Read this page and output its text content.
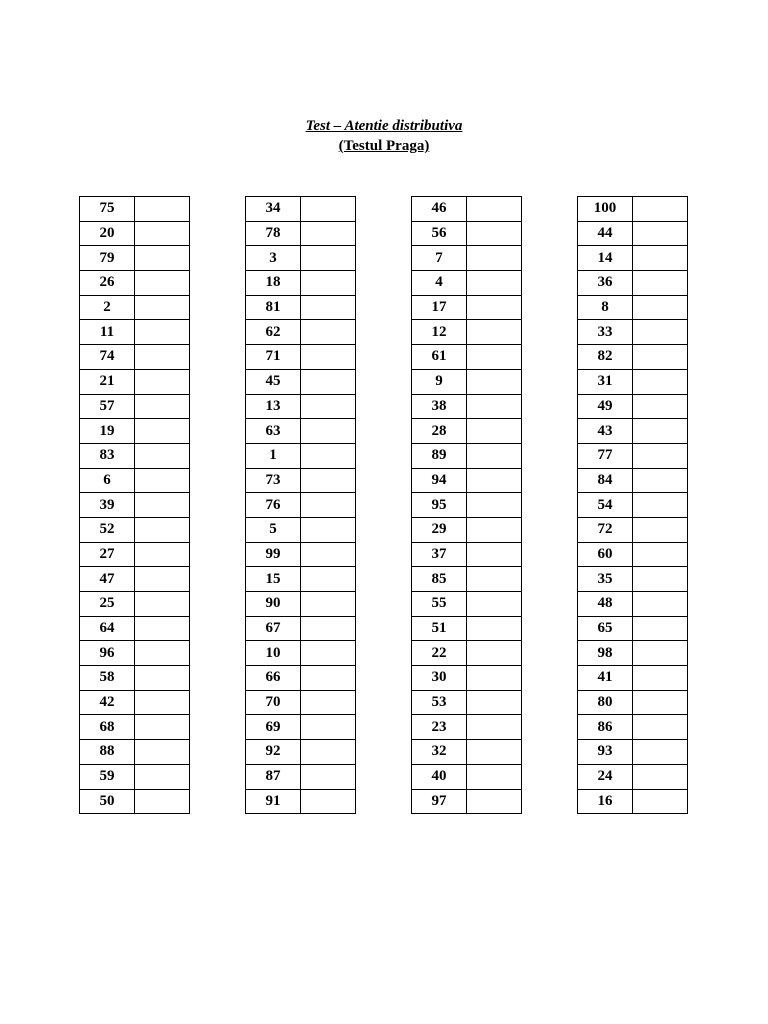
Test – Atentie distributiva
(Testul Praga)
75	
20	
79	
26	
2	
11	
74	
21	
57	
19	
83	
6	
39	
52	
27	
47	
25	
64	
96	
58	
42	
68	
88	
59	
50	
34	
78	
3	
18	
81	
62	
71	
45	
13	
63	
1	
73	
76	
5	
99	
15	
90	
67	
10	
66	
70	
69	
92	
87	
91	
46	
56	
7	
4	
17	
12	
61	
9	
38	
28	
89	
94	
95	
29	
37	
85	
55	
51	
22	
30	
53	
23	
32	
40	
97	
100	
44	
14	
36	
8	
33	
82	
31	
49	
43	
77	
84	
54	
72	
60	
35	
48	
65	
98	
41	
80	
86	
93	
24	
16	
